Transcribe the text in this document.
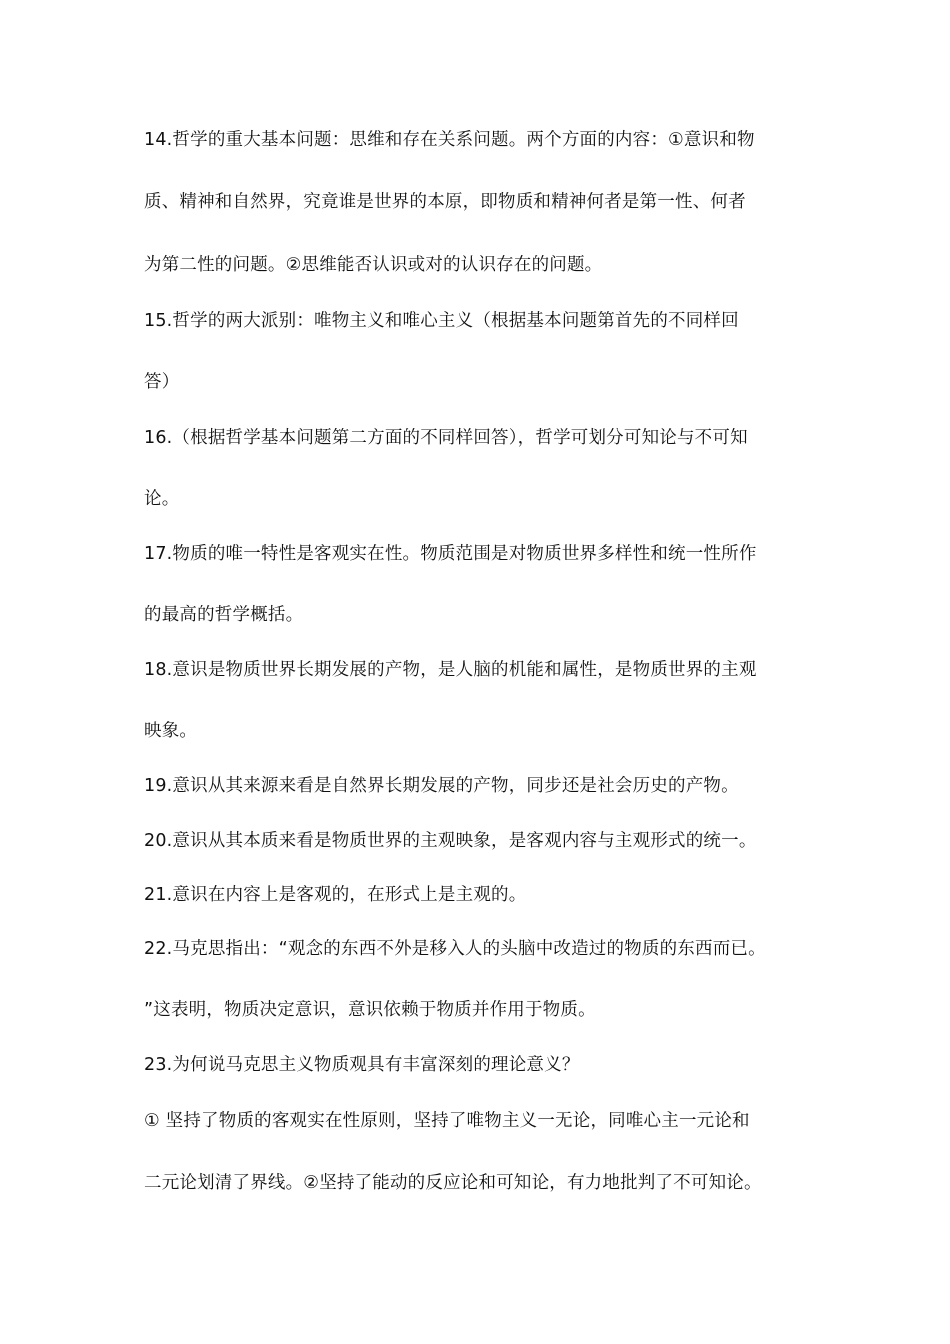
14.哲学的重大基本问题：思维和存在关系问题。两个方面的内容：①意识和物
质、精神和自然界，究竟谁是世界的本原，即物质和精神何者是第一性、何者
为第二性的问题。②思维能否认识或对的认识存在的问题。
15.哲学的两大派别：唯物主义和唯心主义（根据基本问题第首先的不同样回
答）
16.（根据哲学基本问题第二方面的不同样回答），哲学可划分可知论与不可知
论。
17.物质的唯一特性是客观实在性。物质范围是对物质世界多样性和统一性所作
的最高的哲学概括。
18.意识是物质世界长期发展的产物，是人脑的机能和属性，是物质世界的主观
映象。
19.意识从其来源来看是自然界长期发展的产物，同步还是社会历史的产物。
20.意识从其本质来看是物质世界的主观映象，是客观内容与主观形式的统一。
21.意识在内容上是客观的，在形式上是主观的。
22.马克思指出：“观念的东西不外是移入人的头脑中改造过的物质的东西而已。
”这表明，物质决定意识，意识依赖于物质并作用于物质。
23.为何说马克思主义物质观具有丰富深刻的理论意义？
① 坚持了物质的客观实在性原则，坚持了唯物主义一无论，同唯心主一元论和
二元论划清了界线。②坚持了能动的反应论和可知论，有力地批判了不可知论。
